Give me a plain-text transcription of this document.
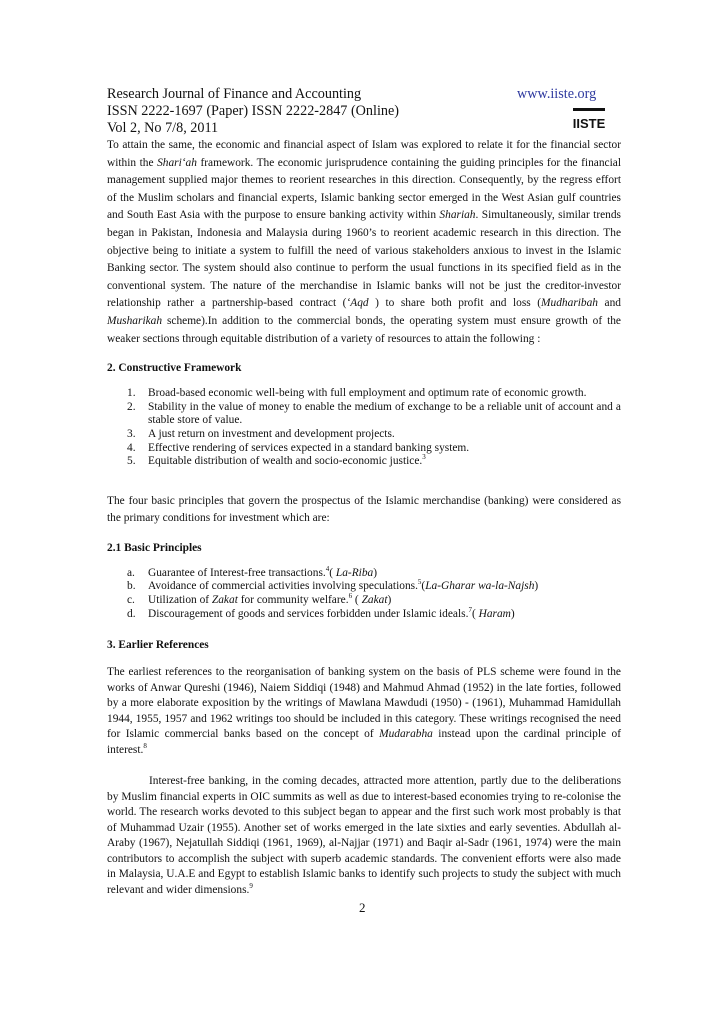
Research Journal of Finance and Accounting	www.iiste.org
ISSN 2222-1697 (Paper) ISSN 2222-2847 (Online)
Vol 2, No 7/8, 2011	IISTE

To attain the same, the economic and financial aspect of Islam was explored to relate it for the financial sector within the Shari‘ah framework. The economic jurisprudence containing the guiding principles for the financial management supplied major themes to reorient researches in this direction. Consequently, by the regress effort of the Muslim scholars and financial experts, Islamic banking sector emerged in the West Asian gulf countries and South East Asia with the purpose to ensure banking activity within Shariah. Simultaneously, similar trends began in Pakistan, Indonesia and Malaysia during 1960’s to reorient academic research in this direction. The objective being to initiate a system to fulfill the need of various stakeholders anxious to invest in the Islamic Banking sector. The system should also continue to perform the usual functions in its specified field as in the conventional system. The nature of the merchandise in Islamic banks will not be just the creditor-investor relationship rather a partnership-based contract (‘Aqd ) to share both profit and loss (Mudharibah and Musharikah scheme).In addition to the commercial bonds, the operating system must ensure growth of the weaker sections through equitable distribution of a variety of resources to attain the following :

2. Constructive Framework

1. Broad-based economic well-being with full employment and optimum rate of economic growth.
2. Stability in the value of money to enable the medium of exchange to be a reliable unit of account and a stable store of value.
3. A just return on investment and development projects.
4. Effective rendering of services expected in a standard banking system.
5. Equitable distribution of wealth and socio-economic justice.$^3$

The four basic principles that govern the prospectus of the Islamic merchandise (banking) were considered as the primary conditions for investment which are:

2.1 Basic Principles

a. Guarantee of Interest-free transactions.$^4$( La-Riba)
b. Avoidance of commercial activities involving speculations.$^5$(La-Gharar wa-la-Najsh)
c. Utilization of Zakat for community welfare.$^6$ ( Zakat)
d. Discouragement of goods and services forbidden under Islamic ideals.$^7$( Haram)

3. Earlier References

The earliest references to the reorganisation of banking system on the basis of PLS scheme were found in the works of Anwar Qureshi (1946), Naiem Siddiqi (1948) and Mahmud Ahmad (1952) in the late forties, followed by a more elaborate exposition by the writings of Mawlana Mawdudi (1950) - (1961), Muhammad Hamidullah 1944, 1955, 1957 and 1962 writings too should be included in this category. These writings recognised the need for Islamic commercial banks based on the concept of Mudarabha instead upon the cardinal principle of interest.$^8$

Interest-free banking, in the coming decades, attracted more attention, partly due to the deliberations by Muslim financial experts in OIC summits as well as due to interest-based economies trying to re-colonise the world. The research works devoted to this subject began to appear and the first such work most probably is that of Muhammad Uzair (1955). Another set of works emerged in the late sixties and early seventies. Abdullah al-Araby (1967), Nejatullah Siddiqi (1961, 1969), al-Najjar (1971) and Baqir al-Sadr (1961, 1974) were the main contributors to accomplish the subject with superb academic standards. The convenient efforts were also made in Malaysia, U.A.E and Egypt to establish Islamic banks to identify such projects to study the subject with much relevant and wider dimensions.$^9$

2
